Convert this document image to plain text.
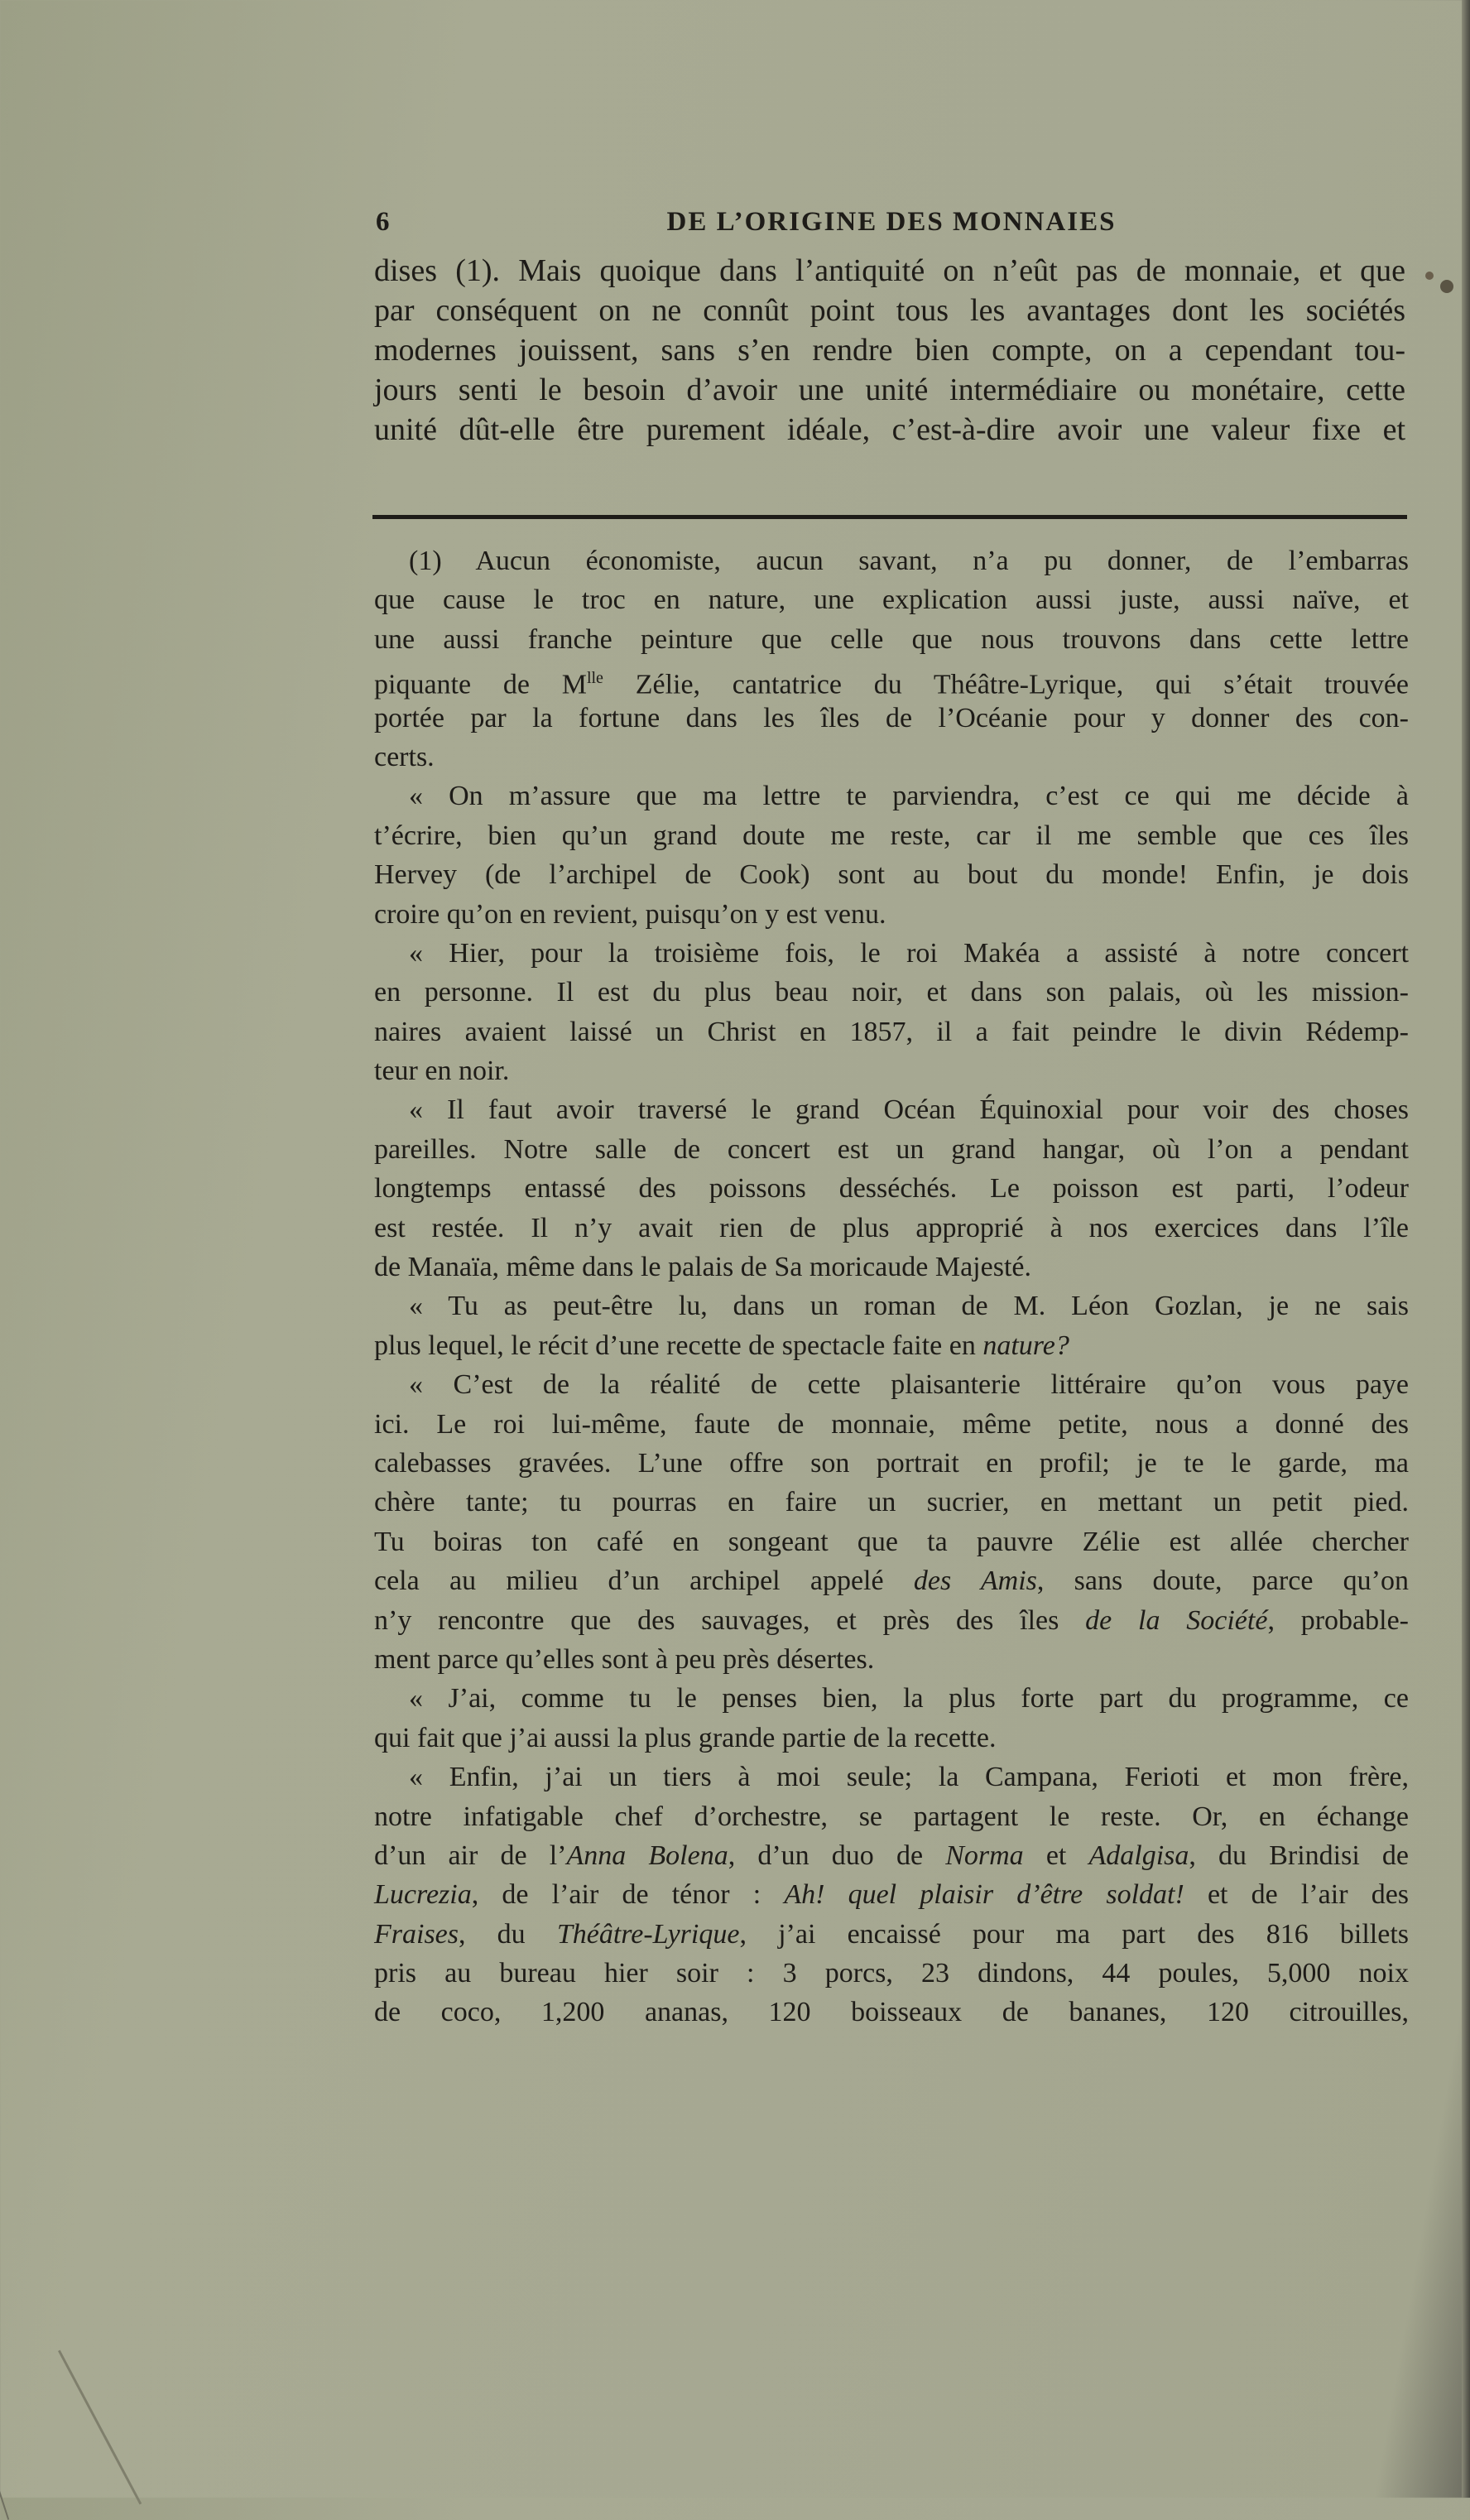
6	DE L’ORIGINE DES MONNAIES
dises (1). Mais quoique dans l’antiquité on n’eût pas de monnaie, et que
par conséquent on ne connût point tous les avantages dont les sociétés
modernes jouissent, sans s’en rendre bien compte, on a cependant tou-
jours senti le besoin d’avoir une unité intermédiaire ou monétaire, cette
unité dût-elle être purement idéale, c’est-à-dire avoir une valeur fixe et
(1) Aucun économiste, aucun savant, n’a pu donner, de l’embarras
que cause le troc en nature, une explication aussi juste, aussi naïve, et
une aussi franche peinture que celle que nous trouvons dans cette lettre
piquante de $M^{lle}$ Zélie, cantatrice du Théâtre-Lyrique, qui s’était trouvée
portée par la fortune dans les îles de l’Océanie pour y donner des con-
certs.
« On m’assure que ma lettre te parviendra, c’est ce qui me décide à
t’écrire, bien qu’un grand doute me reste, car il me semble que ces îles
Hervey (de l’archipel de Cook) sont au bout du monde! Enfin, je dois
croire qu’on en revient, puisqu’on y est venu.
« Hier, pour la troisième fois, le roi Makéa a assisté à notre concert
en personne. Il est du plus beau noir, et dans son palais, où les mission-
naires avaient laissé un Christ en 1857, il a fait peindre le divin Rédemp-
teur en noir.
« Il faut avoir traversé le grand Océan Équinoxial pour voir des choses
pareilles. Notre salle de concert est un grand hangar, où l’on a pendant
longtemps entassé des poissons desséchés. Le poisson est parti, l’odeur
est restée. Il n’y avait rien de plus approprié à nos exercices dans l’île
de Manaïa, même dans le palais de Sa moricaude Majesté.
« Tu as peut-être lu, dans un roman de M. Léon Gozlan, je ne sais
plus lequel, le récit d’une recette de spectacle faite en nature?
« C’est de la réalité de cette plaisanterie littéraire qu’on vous paye
ici. Le roi lui-même, faute de monnaie, même petite, nous a donné des
calebasses gravées. L’une offre son portrait en profil; je te le garde, ma
chère tante; tu pourras en faire un sucrier, en mettant un petit pied.
Tu boiras ton café en songeant que ta pauvre Zélie est allée chercher
cela au milieu d’un archipel appelé des Amis, sans doute, parce qu’on
n’y rencontre que des sauvages, et près des îles de la Société, probable-
ment parce qu’elles sont à peu près désertes.
« J’ai, comme tu le penses bien, la plus forte part du programme, ce
qui fait que j’ai aussi la plus grande partie de la recette.
« Enfin, j’ai un tiers à moi seule; la Campana, Ferioti et mon frère,
notre infatigable chef d’orchestre, se partagent le reste. Or, en échange
d’un air de l’Anna Bolena, d’un duo de Norma et Adalgisa, du Brindisi de
Lucrezia, de l’air de ténor : Ah! quel plaisir d’être soldat! et de l’air des
Fraises, du Théâtre-Lyrique, j’ai encaissé pour ma part des 816 billets
pris au bureau hier soir : 3 porcs, 23 dindons, 44 poules, 5,000 noix
de coco, 1,200 ananas, 120 boisseaux de bananes, 120 citrouilles,
